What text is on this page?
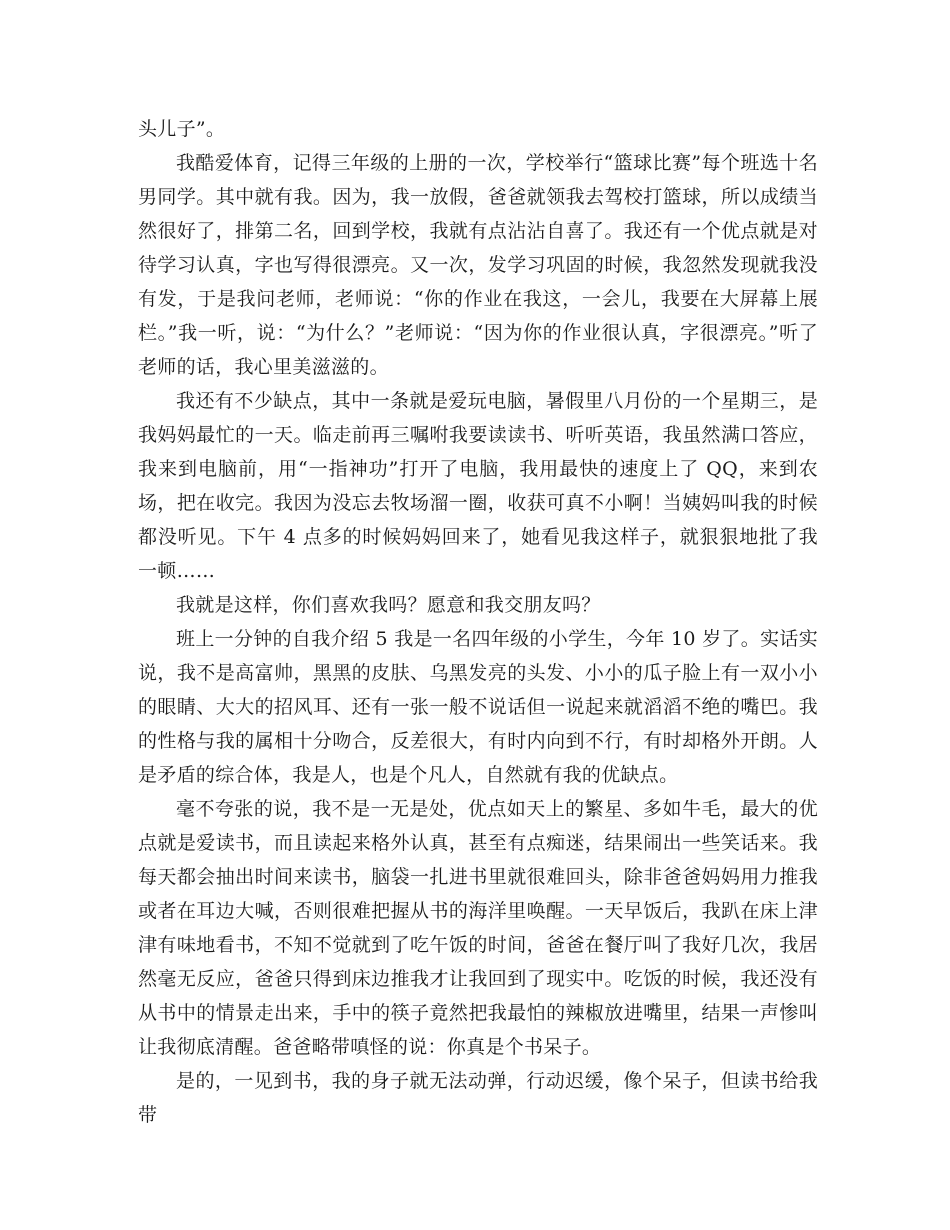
头儿子”。

我酷爱体育，记得三年级的上册的一次，学校举行“篮球比赛”每个班选十名男同学。其中就有我。因为，我一放假，爸爸就领我去驾校打篮球，所以成绩当然很好了，排第二名，回到学校，我就有点沾沾自喜了。我还有一个优点就是对待学习认真，字也写得很漂亮。又一次，发学习巩固的时候，我忽然发现就我没有发，于是我问老师，老师说：“你的作业在我这，一会儿，我要在大屏幕上展栏。”我一听，说：“为什么？”老师说：“因为你的作业很认真，字很漂亮。”听了老师的话，我心里美滋滋的。

我还有不少缺点，其中一条就是爱玩电脑，暑假里八月份的一个星期三，是我妈妈最忙的一天。临走前再三嘱咐我要读读书、听听英语，我虽然满口答应，我来到电脑前，用“一指神功”打开了电脑，我用最快的速度上了 QQ，来到农场，把在收完。我因为没忘去牧场溜一圈，收获可真不小啊！当姨妈叫我的时候都没听见。下午 4 点多的时候妈妈回来了，她看见我这样子，就狠狠地批了我一顿……

我就是这样，你们喜欢我吗？愿意和我交朋友吗？

班上一分钟的自我介绍 5 我是一名四年级的小学生，今年 10 岁了。实话实说，我不是高富帅，黑黑的皮肤、乌黑发亮的头发、小小的瓜子脸上有一双小小的眼睛、大大的招风耳、还有一张一般不说话但一说起来就滔滔不绝的嘴巴。我的性格与我的属相十分吻合，反差很大，有时内向到不行，有时却格外开朗。人是矛盾的综合体，我是人，也是个凡人，自然就有我的优缺点。

毫不夸张的说，我不是一无是处，优点如天上的繁星、多如牛毛，最大的优点就是爱读书，而且读起来格外认真，甚至有点痴迷，结果闹出一些笑话来。我每天都会抽出时间来读书，脑袋一扎进书里就很难回头，除非爸爸妈妈用力推我或者在耳边大喊，否则很难把握从书的海洋里唤醒。一天早饭后，我趴在床上津津有味地看书，不知不觉就到了吃午饭的时间，爸爸在餐厅叫了我好几次，我居然毫无反应，爸爸只得到床边推我才让我回到了现实中。吃饭的时候，我还没有从书中的情景走出来，手中的筷子竟然把我最怕的辣椒放进嘴里，结果一声惨叫让我彻底清醒。爸爸略带嗔怪的说：你真是个书呆子。

是的，一见到书，我的身子就无法动弹，行动迟缓，像个呆子，但读书给我带
